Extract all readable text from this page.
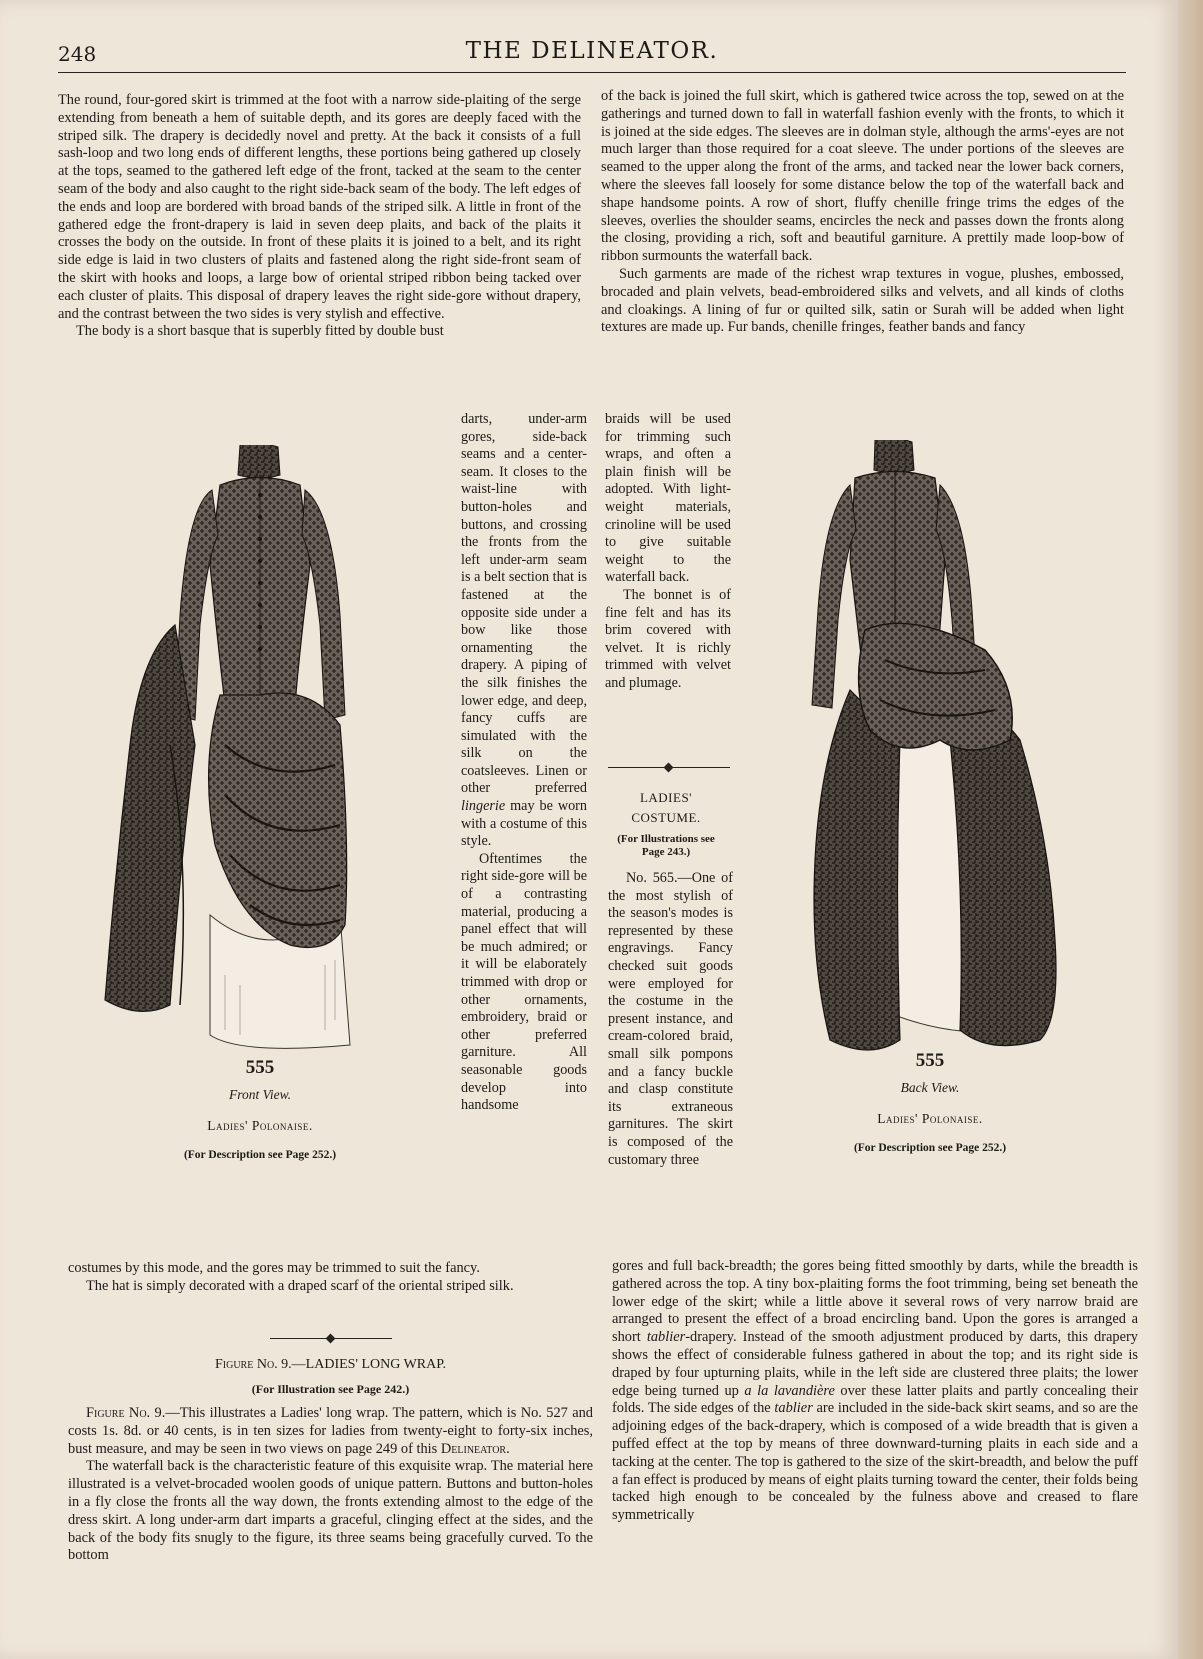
248	THE DELINEATOR.

The round, four-gored skirt is trimmed at the foot with a narrow side-plaiting of the serge extending from beneath a hem of suitable depth, and its gores are deeply faced with the striped silk. The drapery is decidedly novel and pretty. At the back it consists of a full sash-loop and two long ends of different lengths, these portions being gathered up closely at the tops, seamed to the gathered left edge of the front, tacked at the seam to the center seam of the body and also caught to the right side-back seam of the body. The left edges of the ends and loop are bordered with broad bands of the striped silk. A little in front of the gathered edge the front-drapery is laid in seven deep plaits, and back of the plaits it crosses the body on the outside. In front of these plaits it is joined to a belt, and its right side edge is laid in two clusters of plaits and fastened along the right side-front seam of the skirt with hooks and loops, a large bow of oriental striped ribbon being tacked over each cluster of plaits. This disposal of drapery leaves the right side-gore without drapery, and the contrast between the two sides is very stylish and effective.

The body is a short basque that is superbly fitted by double bust

555
Front View.
Ladies' Polonaise.
(For Description see Page 252.)

darts, under-arm gores, side-back seams and a center-seam. It closes to the waist-line with button-holes and buttons, and crossing the fronts from the left under-arm seam is a belt section that is fastened at the opposite side under a bow like those ornamenting the drapery. A piping of the silk finishes the lower edge, and deep, fancy cuffs are simulated with the silk on the coatsleeves. Linen or other preferred lingerie may be worn with a costume of this style.

Oftentimes the right side-gore will be of a contrasting material, producing a panel effect that will be much admired; or it will be elaborately trimmed with drop or other ornaments, embroidery, braid or other preferred garniture. All seasonable goods develop into handsome

costumes by this mode, and the gores may be trimmed to suit the fancy.

The hat is simply decorated with a draped scarf of the oriental striped silk.

Figure No. 9.—LADIES' LONG WRAP.
(For Illustration see Page 242.)

Figure No. 9.—This illustrates a Ladies' long wrap. The pattern, which is No. 527 and costs 1s. 8d. or 40 cents, is in ten sizes for ladies from twenty-eight to forty-six inches, bust measure, and may be seen in two views on page 249 of this Delineator.

The waterfall back is the characteristic feature of this exquisite wrap. The material here illustrated is a velvet-brocaded woolen goods of unique pattern. Buttons and button-holes in a fly close the fronts all the way down, the fronts extending almost to the edge of the dress skirt. A long under-arm dart imparts a graceful, clinging effect at the sides, and the back of the body fits snugly to the figure, its three seams being gracefully curved. To the bottom

of the back is joined the full skirt, which is gathered twice across the top, sewed on at the gatherings and turned down to fall in waterfall fashion evenly with the fronts, to which it is joined at the side edges. The sleeves are in dolman style, although the arms'-eyes are not much larger than those required for a coat sleeve. The under portions of the sleeves are seamed to the upper along the front of the arms, and tacked near the lower back corners, where the sleeves fall loosely for some distance below the top of the waterfall back and shape handsome points. A row of short, fluffy chenille fringe trims the edges of the sleeves, overlies the shoulder seams, encircles the neck and passes down the fronts along the closing, providing a rich, soft and beautiful garniture. A prettily made loop-bow of ribbon surmounts the waterfall back.

Such garments are made of the richest wrap textures in vogue, plushes, embossed, brocaded and plain velvets, bead-embroidered silks and velvets, and all kinds of cloths and cloakings. A lining of fur or quilted silk, satin or Surah will be added when light textures are made up. Fur bands, chenille fringes, feather bands and fancy

braids will be used for trimming such wraps, and often a plain finish will be adopted. With light-weight materials, crinoline will be used to give suitable weight to the waterfall back.

The bonnet is of fine felt and has its brim covered with velvet. It is richly trimmed with velvet and plumage.

LADIES' COSTUME.
(For Illustrations see Page 243.)

No. 565.—One of the most stylish of the season's modes is represented by these engravings. Fancy checked suit goods were employed for the costume in the present instance, and cream-colored braid, small silk pompons and a fancy buckle and clasp constitute its extraneous garnitures. The skirt is composed of the customary three

555
Back View.
Ladies' Polonaise.
(For Description see Page 252.)

gores and full back-breadth; the gores being fitted smoothly by darts, while the breadth is gathered across the top. A tiny box-plaiting forms the foot trimming, being set beneath the lower edge of the skirt; while a little above it several rows of very narrow braid are arranged to present the effect of a broad encircling band. Upon the gores is arranged a short tablier-drapery. Instead of the smooth adjustment produced by darts, this drapery shows the effect of considerable fulness gathered in about the top; and its right side is draped by four upturning plaits, while in the left side are clustered three plaits; the lower edge being turned up a la lavandière over these latter plaits and partly concealing their folds. The side edges of the tablier are included in the side-back skirt seams, and so are the adjoining edges of the back-drapery, which is composed of a wide breadth that is given a puffed effect at the top by means of three downward-turning plaits in each side and a tacking at the center. The top is gathered to the size of the skirt-breadth, and below the puff a fan effect is produced by means of eight plaits turning toward the center, their folds being tacked high enough to be concealed by the fulness above and creased to flare symmetrically
